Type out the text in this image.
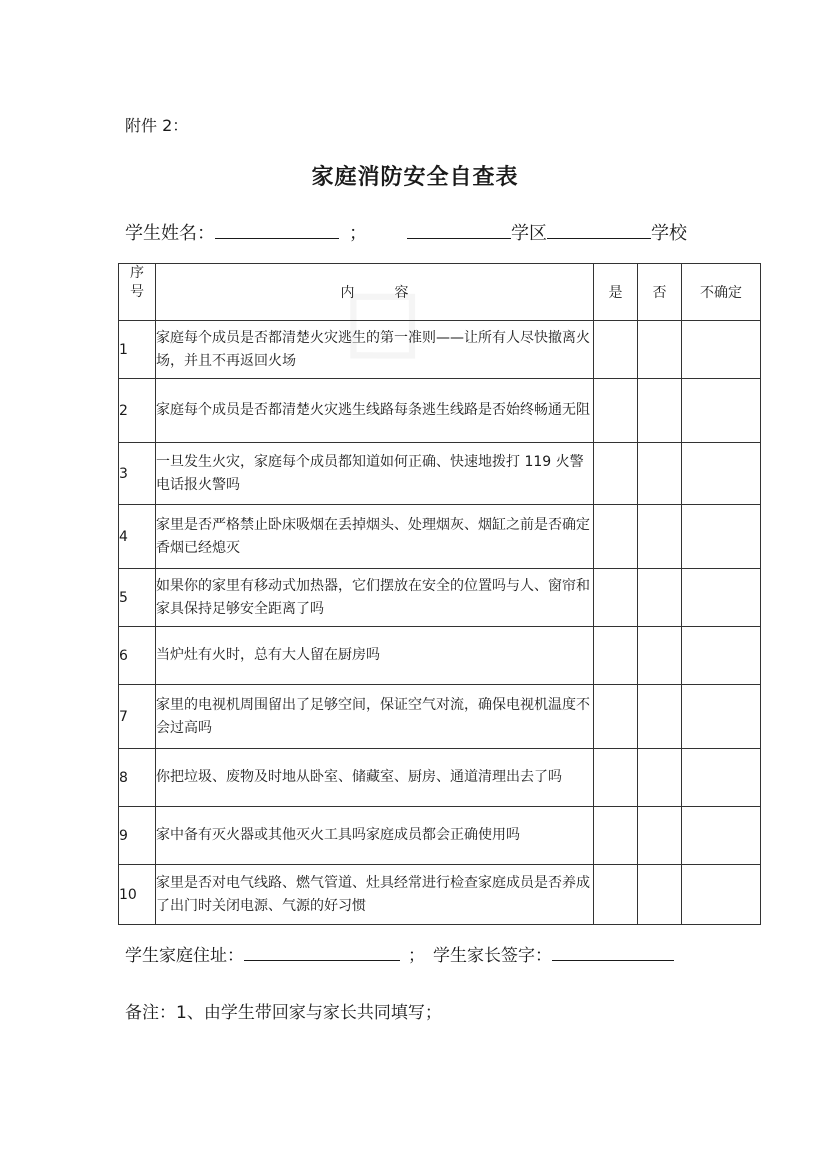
附件 2：
家庭消防安全自查表
学生姓名：	；	学区	学校
序号	内 容	是	否	不确定
1	家庭每个成员是否都清楚火灾逃生的第一准则——让所有人尽快撤离火场，并且不再返回火场			
2	家庭每个成员是否都清楚火灾逃生线路每条逃生线路是否始终畅通无阻			
3	一旦发生火灾，家庭每个成员都知道如何正确、快速地拨打 119 火警电话报火警吗			
4	家里是否严格禁止卧床吸烟在丢掉烟头、处理烟灰、烟缸之前是否确定香烟已经熄灭			
5	如果你的家里有移动式加热器，它们摆放在安全的位置吗与人、窗帘和家具保持足够安全距离了吗			
6	当炉灶有火时，总有大人留在厨房吗			
7	家里的电视机周围留出了足够空间，保证空气对流，确保电视机温度不会过高吗			
8	你把垃圾、废物及时地从卧室、储藏室、厨房、通道清理出去了吗			
9	家中备有灭火器或其他灭火工具吗家庭成员都会正确使用吗			
10	家里是否对电气线路、燃气管道、灶具经常进行检查家庭成员是否养成了出门时关闭电源、气源的好习惯			
学生家庭住址：	； 学生家长签字：
备注：1、由学生带回家与家长共同填写；
